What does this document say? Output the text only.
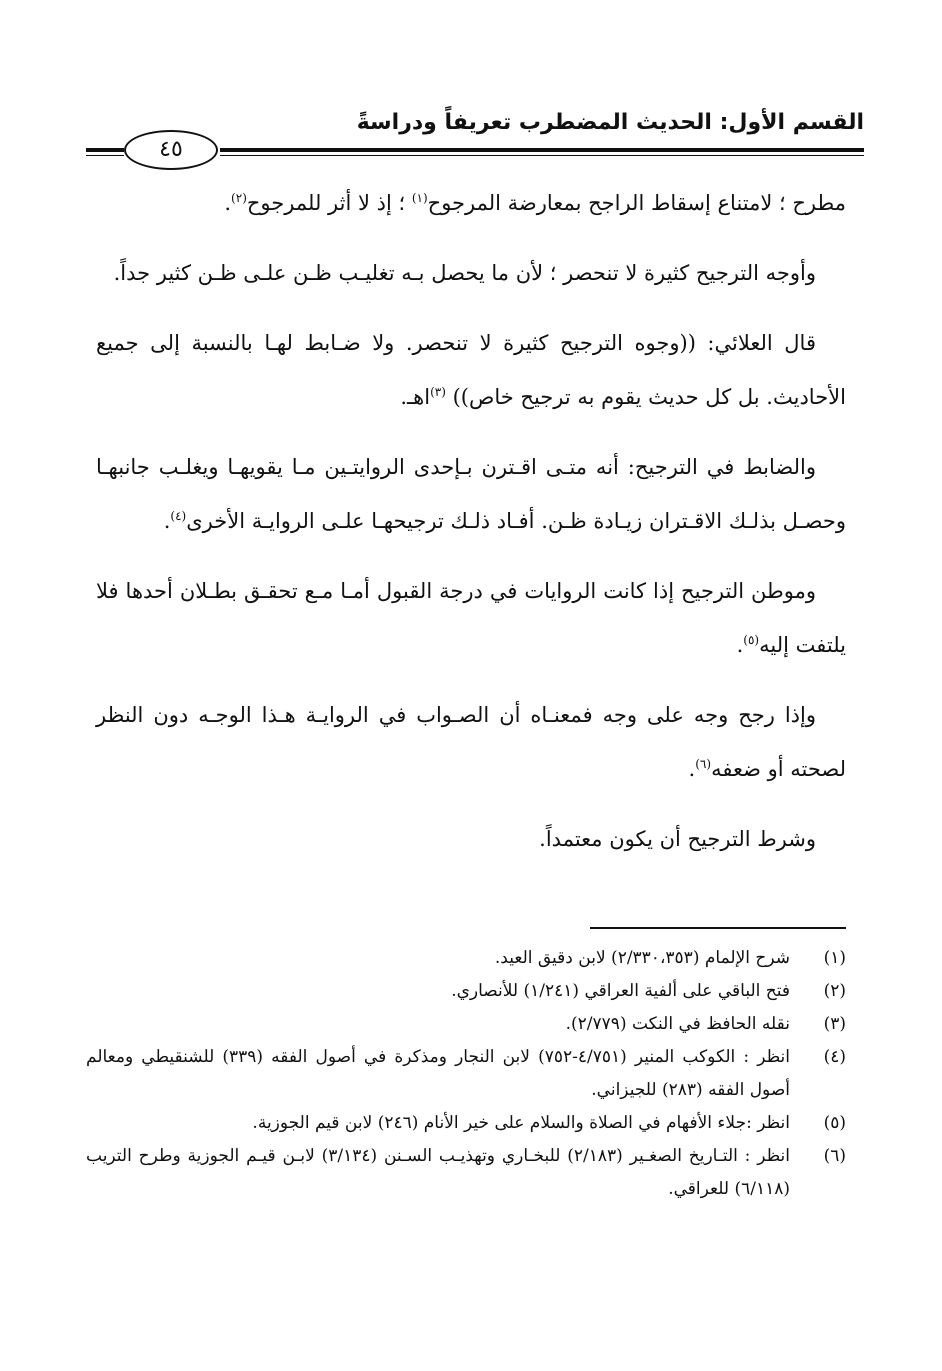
القسم الأول: الحديث المضطرب تعريفاً ودراسةً
٤٥

مطرح ؛ لامتناع إسقاط الراجح بمعارضة المرجوح$^{(١)}$ ؛ إذ لا أثر للمرجوح$^{(٢)}$.

وأوجه الترجيح كثيرة لا تنحصر ؛ لأن ما يحصل بـه تغليـب ظـن علـى ظـن كثير جداً.

قال العلائي: ((وجوه الترجيح كثيرة لا تنحصر. ولا ضـابط لهـا بالنسبة إلى جميع الأحاديث. بل كل حديث يقوم به ترجيح خاص)) $^{(٣)}$اهـ.

والضابط في الترجيح: أنه متـى اقـترن بـإحدى الروايتـين مـا يقويهـا ويغلـب جانبهـا وحصـل بذلـك الاقـتران زيـادة ظـن. أفـاد ذلـك ترجيحهـا علـى الروايـة الأخرى$^{(٤)}$.

وموطن الترجيح إذا كانت الروايات في درجة القبول أمـا مـع تحقـق بطـلان أحدها فلا يلتفت إليه$^{(٥)}$.

وإذا رجح وجه على وجه فمعنـاه أن الصـواب في الروايـة هـذا الوجـه دون النظر لصحته أو ضعفه$^{(٦)}$.

وشرط الترجيح أن يكون معتمداً.

(١)
شرح الإلمام (٢/٣٣٠،٣٥٣) لابن دقيق العيد.
(٢)
فتح الباقي على ألفية العراقي (١/٢٤١) للأنصاري.
(٣)
نقله الحافظ في النكت (٢/٧٧٩).
(٤)
انظر : الكوكب المنير (٤/٧٥١-٧٥٢) لابن النجار ومذكرة في أصول الفقه (٣٣٩) للشنقيطي ومعالم أصول الفقه (٢٨٣) للجيزاني.
(٥)
انظر :جلاء الأفهام في الصلاة والسلام على خير الأنام (٢٤٦) لابن قيم الجوزية.
(٦)
انظر : التـاريخ الصغـير (٢/١٨٣) للبخـاري وتهذيـب السـنن (٣/١٣٤) لابـن قيـم الجوزية وطرح التريب (٦/١١٨) للعراقي.
